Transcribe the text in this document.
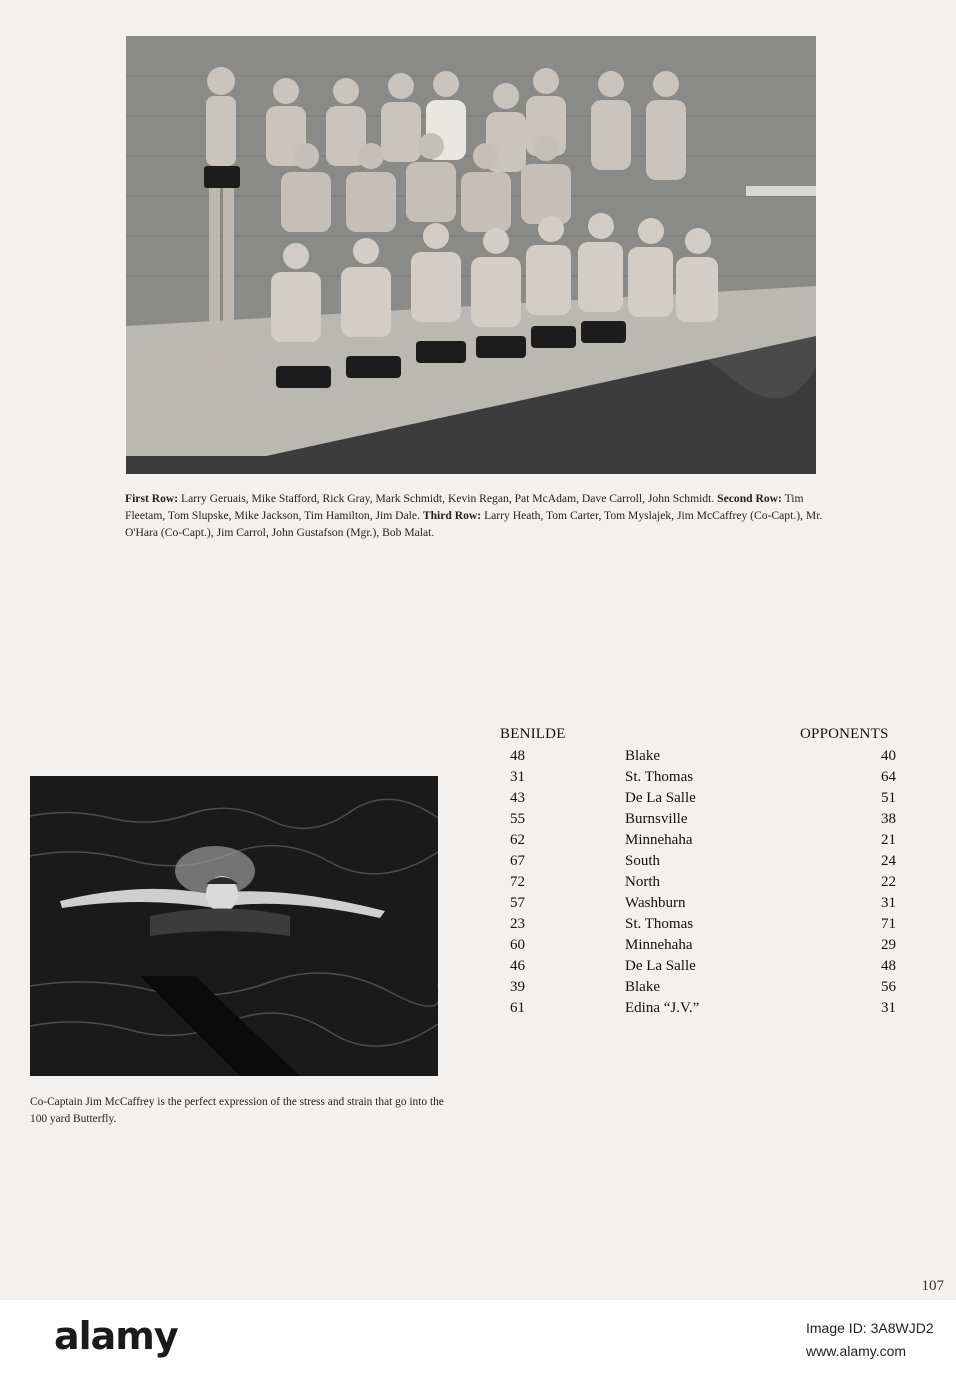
First Row: Larry Geruais, Mike Stafford, Rick Gray, Mark Schmidt, Kevin Regan, Pat McAdam, Dave Carroll, John Schmidt. Second Row: Tim Fleetam, Tom Slupske, Mike Jackson, Tim Hamilton, Jim Dale. Third Row: Larry Heath, Tom Carter, Tom Myslajek, Jim McCaffrey (Co-Capt.), Mr. O'Hara (Co-Capt.), Jim Carrol, John Gustafson (Mgr.), Bob Malat.
BENILDE	OPPONENTS
48	Blake	40
31	St. Thomas	64
43	De La Salle	51
55	Burnsville	38
62	Minnehaha	21
67	South	24
72	North	22
57	Washburn	31
23	St. Thomas	71
60	Minnehaha	29
46	De La Salle	48
39	Blake	56
61	Edina “J.V.”	31
Co-Captain Jim McCaffrey is the perfect expression of the stress and strain that go into the 100 yard Butterfly.
107
alamy	Image ID: 3A8WJD2
www.alamy.com
